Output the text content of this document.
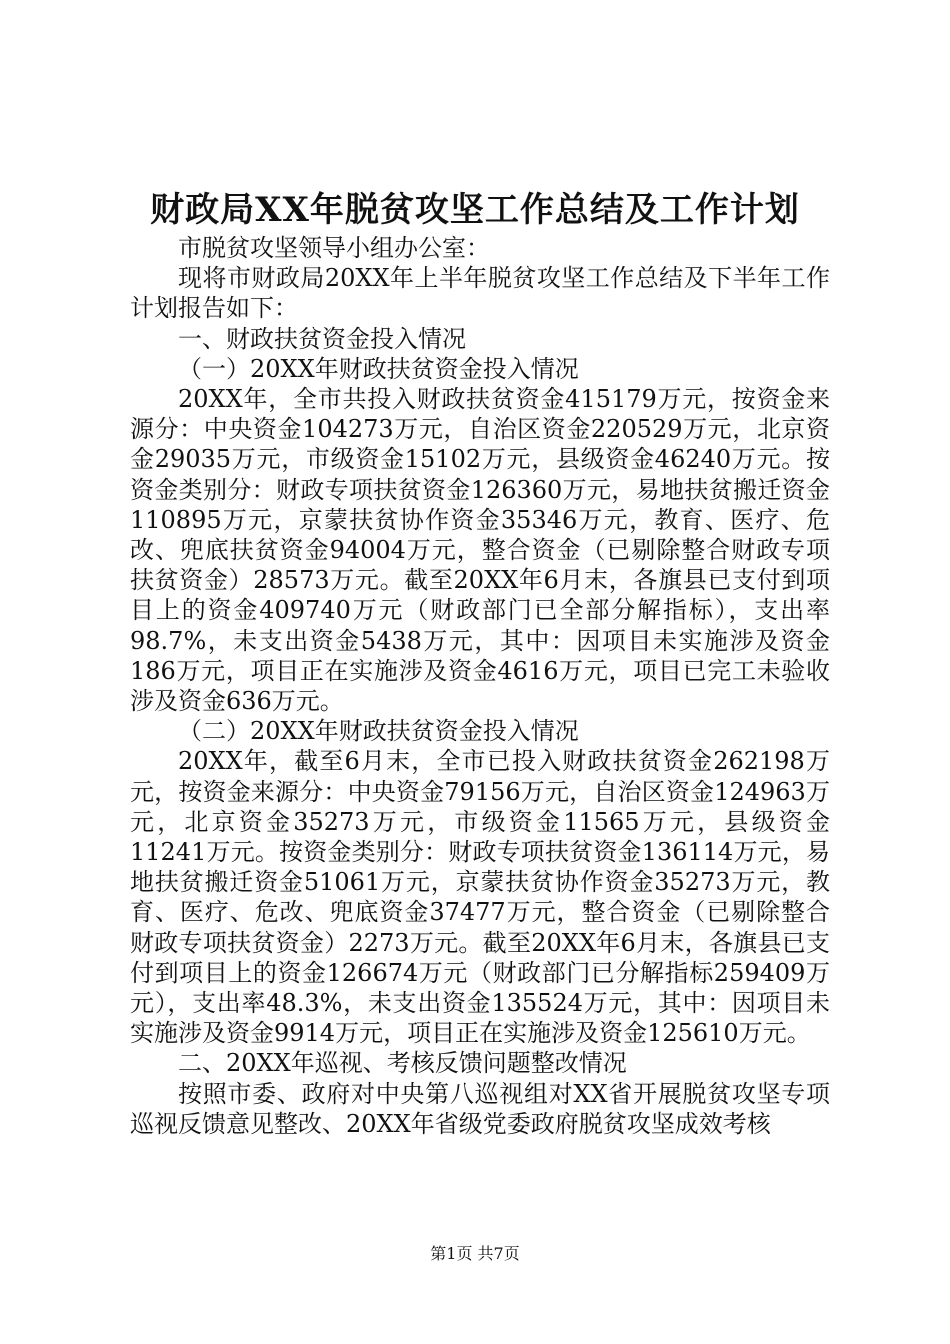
财政局XX年脱贫攻坚工作总结及工作计划

市脱贫攻坚领导小组办公室：

现将市财政局20XX年上半年脱贫攻坚工作总结及下半年工作计划报告如下：

一、财政扶贫资金投入情况

（一）20XX年财政扶贫资金投入情况

20XX年，全市共投入财政扶贫资金415179万元，按资金来源分：中央资金104273万元，自治区资金220529万元，北京资金29035万元，市级资金15102万元，县级资金46240万元。按资金类别分：财政专项扶贫资金126360万元，易地扶贫搬迁资金110895万元，京蒙扶贫协作资金35346万元，教育、医疗、危改、兜底扶贫资金94004万元，整合资金（已剔除整合财政专项扶贫资金）28573万元。截至20XX年6月末，各旗县已支付到项目上的资金409740万元（财政部门已全部分解指标），支出率98.7%，未支出资金5438万元，其中：因项目未实施涉及资金186万元，项目正在实施涉及资金4616万元，项目已完工未验收涉及资金636万元。

（二）20XX年财政扶贫资金投入情况

20XX年，截至6月末，全市已投入财政扶贫资金262198万元，按资金来源分：中央资金79156万元，自治区资金124963万元，北京资金35273万元，市级资金11565万元，县级资金11241万元。按资金类别分：财政专项扶贫资金136114万元，易地扶贫搬迁资金51061万元，京蒙扶贫协作资金35273万元，教育、医疗、危改、兜底资金37477万元，整合资金（已剔除整合财政专项扶贫资金）2273万元。截至20XX年6月末，各旗县已支付到项目上的资金126674万元（财政部门已分解指标259409万元），支出率48.3%，未支出资金135524万元，其中：因项目未实施涉及资金9914万元，项目正在实施涉及资金125610万元。

二、20XX年巡视、考核反馈问题整改情况

按照市委、政府对中央第八巡视组对XX省开展脱贫攻坚专项巡视反馈意见整改、20XX年省级党委政府脱贫攻坚成效考核

第1页 共7页
